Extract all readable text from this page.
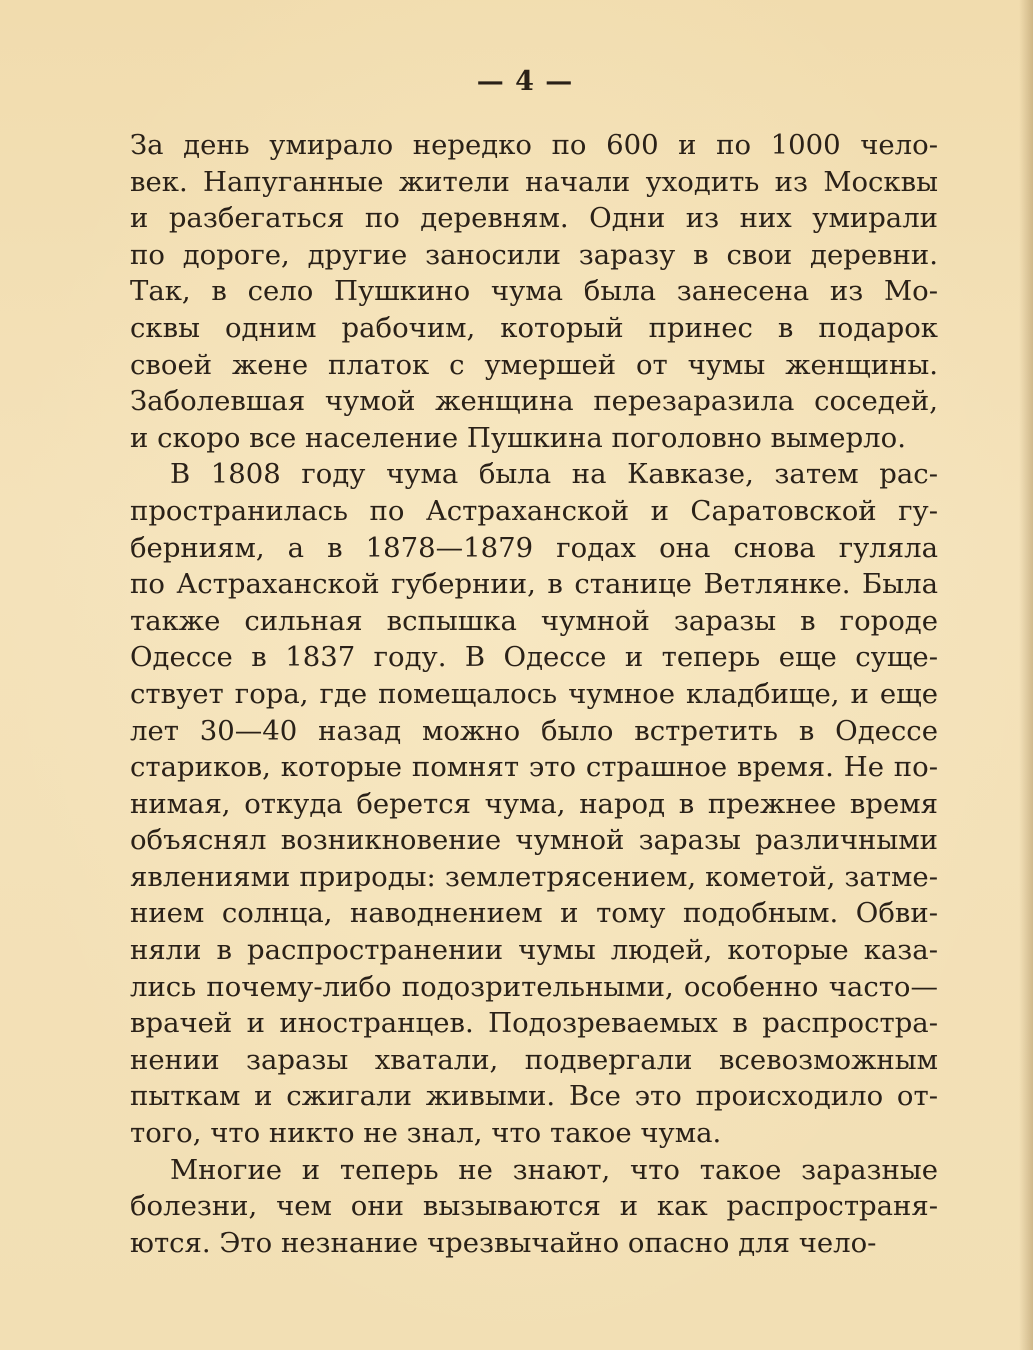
— 4 —
За день умирало нередко по 600 и по 1000 чело-
век. Напуганные жители начали уходить из Москвы
и разбегаться по деревням. Одни из них умирали
по дороге, другие заносили заразу в свои деревни.
Так, в село Пушкино чума была занесена из Мо-
сквы одним рабочим, который принес в подарок
своей жене платок с умершей от чумы женщины.
Заболевшая чумой женщина перезаразила соседей,
и скоро все население Пушкина поголовно вымерло.
В 1808 году чума была на Кавказе, затем рас-
пространилась по Астраханской и Саратовской гу-
берниям, а в 1878—1879 годах она снова гуляла
по Астраханской губернии, в станице Ветлянке. Была
также сильная вспышка чумной заразы в городе
Одессе в 1837 году. В Одессе и теперь еще суще-
ствует гора, где помещалось чумное кладбище, и еще
лет 30—40 назад можно было встретить в Одессе
стариков, которые помнят это страшное время. Не по-
нимая, откуда берется чума, народ в прежнее время
объяснял возникновение чумной заразы различными
явлениями природы: землетрясением, кометой, затме-
нием солнца, наводнением и тому подобным. Обви-
няли в распространении чумы людей, которые каза-
лись почему-либо подозрительными, особенно часто—
врачей и иностранцев. Подозреваемых в распростра-
нении заразы хватали, подвергали всевозможным
пыткам и сжигали живыми. Все это происходило от-
того, что никто не знал, что такое чума.
Многие и теперь не знают, что такое заразные
болезни, чем они вызываются и как распространя-
ются. Это незнание чрезвычайно опасно для чело-
